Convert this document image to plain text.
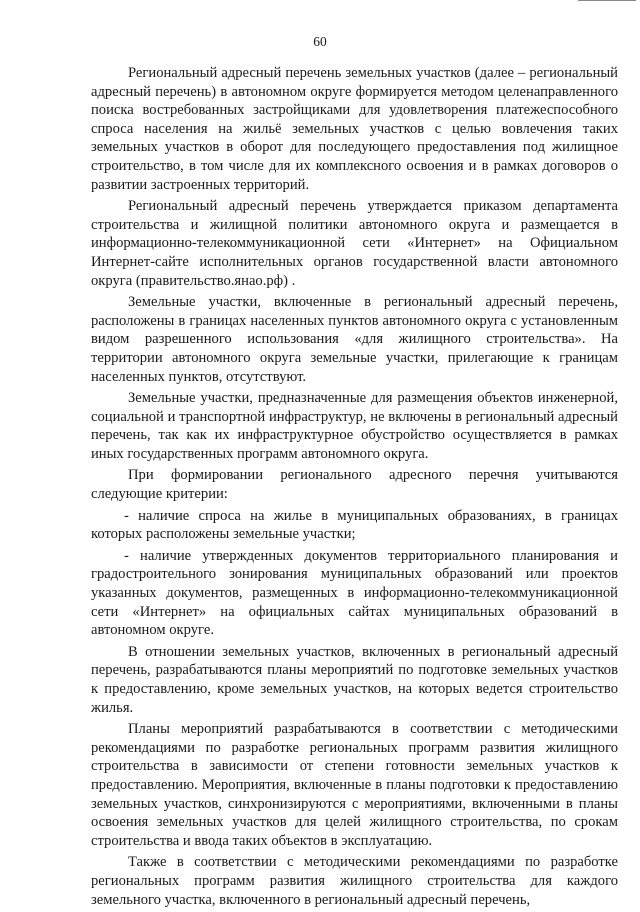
60

Региональный адресный перечень земельных участков (далее – региональный адресный перечень) в автономном округе формируется методом целенаправленного поиска востребованных застройщиками для удовлетворения платежеспособного спроса населения на жильё земельных участков с целью вовлечения таких земельных участков в оборот для последующего предоставления под жилищное строительство, в том числе для их комплексного освоения и в рамках договоров о развитии застроенных территорий.

Региональный адресный перечень утверждается приказом департамента строительства и жилищной политики автономного округа и размещается в информационно-телекоммуникационной сети «Интернет» на Официальном Интернет-сайте исполнительных органов государственной власти автономного округа (правительство.янао.рф) .

Земельные участки, включенные в региональный адресный перечень, расположены в границах населенных пунктов автономного округа с установленным видом разрешенного использования «для жилищного строительства». На территории автономного округа земельные участки, прилегающие к границам населенных пунктов, отсутствуют.

Земельные участки, предназначенные для размещения объектов инженерной, социальной и транспортной инфраструктур, не включены в региональный адресный перечень, так как их инфраструктурное обустройство осуществляется в рамках иных государственных программ автономного округа.

При формировании регионального адресного перечня учитываются следующие критерии:

- наличие спроса на жилье в муниципальных образованиях, в границах которых расположены земельные участки;

- наличие утвержденных документов территориального планирования и градостроительного зонирования муниципальных образований или проектов указанных документов, размещенных в информационно-телекоммуникационной сети «Интернет» на официальных сайтах муниципальных образований в автономном округе.

В отношении земельных участков, включенных в региональный адресный перечень, разрабатываются планы мероприятий по подготовке земельных участков к предоставлению, кроме земельных участков, на которых ведется строительство жилья.

Планы мероприятий разрабатываются в соответствии с методическими рекомендациями по разработке региональных программ развития жилищного строительства в зависимости от степени готовности земельных участков к предоставлению. Мероприятия, включенные в планы подготовки к предоставлению земельных участков, синхронизируются с мероприятиями, включенными в планы освоения земельных участков для целей жилищного строительства, по срокам строительства и ввода таких объектов в эксплуатацию.

Также в соответствии с методическими рекомендациями по разработке региональных программ развития жилищного строительства для каждого земельного участка, включенного в региональный адресный перечень,
